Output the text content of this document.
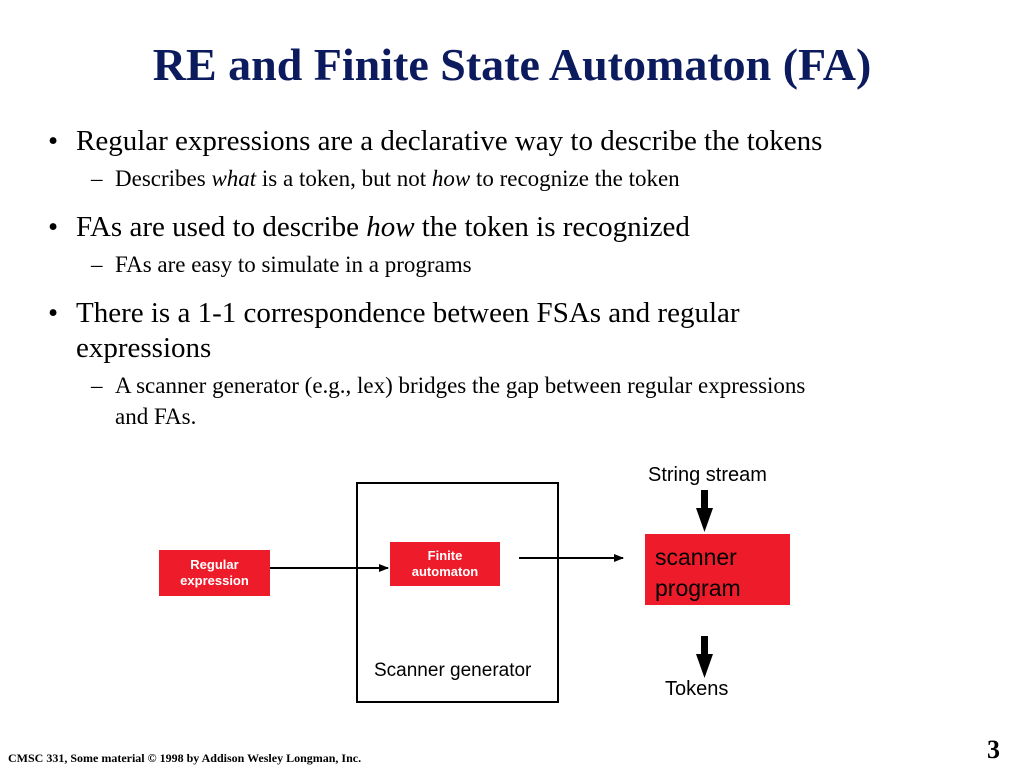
RE and Finite State Automaton (FA)
• Regular expressions are a declarative way to describe the tokens
– Describes what is a token, but not how to recognize the token
• FAs are used to describe how the token is recognized
– FAs are easy to simulate in a programs
• There is a 1-1 correspondence between FSAs and regular
expressions
– A scanner generator (e.g., lex) bridges the gap between regular expressions
and FAs.
Scanner generator
Regular
expression
Finite
automaton
scanner
program
String stream
Tokens
CMSC 331, Some material © 1998 by Addison Wesley Longman, Inc.	3
